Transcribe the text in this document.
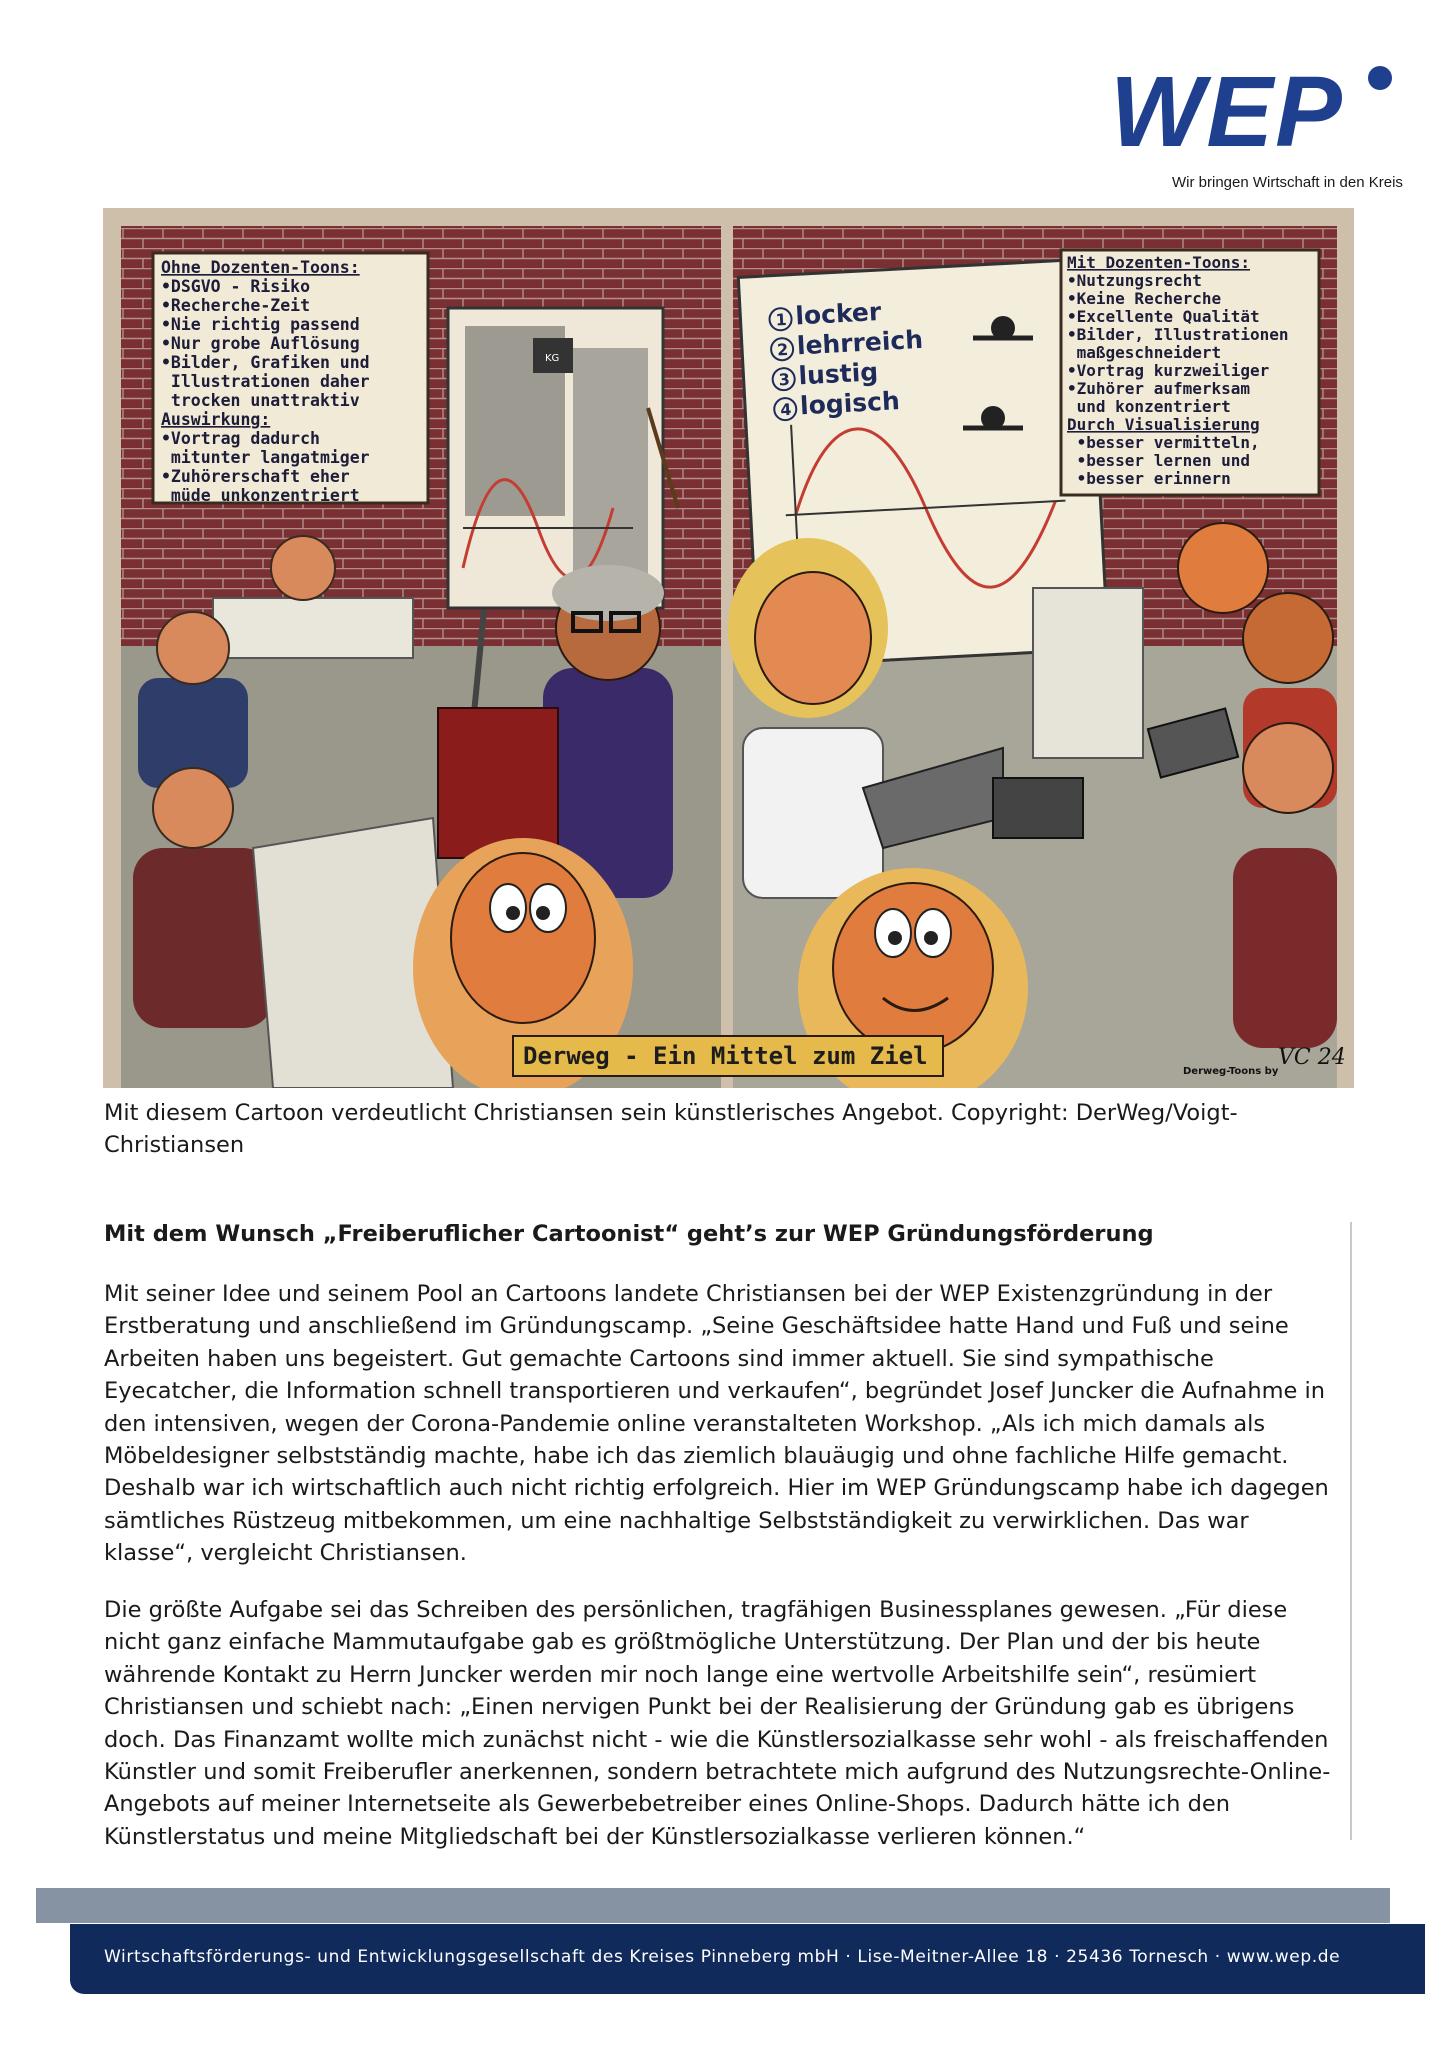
WEP
Wir bringen Wirtschaft in den Kreis
Ohne Dozenten-Toons:
•DSGVO - Risiko
•Recherche-Zeit
•Nie richtig passend
•Nur grobe Auflösung
•Bilder, Grafiken und
Illustrationen daher
trocken unattraktiv
Auswirkung:
•Vortrag dadurch
mitunter langatmiger
•Zuhörerschaft eher
müde unkonzentriert
KG
locker
lehrreich
lustig
logisch
1
2
3
4
Mit Dozenten-Toons:
•Nutzungsrecht
•Keine Recherche
•Excellente Qualität
•Bilder, Illustrationen
maßgeschneidert
•Vortrag kurzweiliger
•Zuhörer aufmerksam
und konzentriert
Durch Visualisierung
•besser vermitteln,
•besser lernen und
•besser erinnern
Derweg - Ein Mittel zum Ziel
Derweg-Toons by
VC 24
Mit diesem Cartoon verdeutlicht Christiansen sein künstlerisches Angebot. Copyright: DerWeg/Voigt-Christiansen
Mit dem Wunsch „Freiberuflicher Cartoonist“ geht’s zur WEP Gründungsförderung
Mit seiner Idee und seinem Pool an Cartoons landete Christiansen bei der WEP Existenzgründung in der Erstberatung und anschließend im Gründungscamp. „Seine Geschäftsidee hatte Hand und Fuß und seine Arbeiten haben uns begeistert. Gut gemachte Cartoons sind immer aktuell. Sie sind sympathische Eyecatcher, die Information schnell transportieren und verkaufen“, begründet Josef Juncker die Aufnahme in den intensiven, wegen der Corona-Pandemie online veranstalteten Workshop. „Als ich mich damals als Möbeldesigner selbstständig machte, habe ich das ziemlich blauäugig und ohne fachliche Hilfe gemacht. Deshalb war ich wirtschaftlich auch nicht richtig erfolgreich. Hier im WEP Gründungscamp habe ich dagegen sämtliches Rüstzeug mitbekommen, um eine nachhaltige Selbstständigkeit zu verwirklichen. Das war klasse“, vergleicht Christiansen.
Die größte Aufgabe sei das Schreiben des persönlichen, tragfähigen Businessplanes gewesen. „Für diese nicht ganz einfache Mammutaufgabe gab es größtmögliche Unterstützung. Der Plan und der bis heute währende Kontakt zu Herrn Juncker werden mir noch lange eine wertvolle Arbeitshilfe sein“, resümiert Christiansen und schiebt nach: „Einen nervigen Punkt bei der Realisierung der Gründung gab es übrigens doch. Das Finanzamt wollte mich zunächst nicht - wie die Künstlersozialkasse sehr wohl - als freischaffenden Künstler und somit Freiberufler anerkennen, sondern betrachtete mich aufgrund des Nutzungsrechte-Online-Angebots auf meiner Internetseite als Gewerbebetreiber eines Online-Shops. Dadurch hätte ich den Künstlerstatus und meine Mitgliedschaft bei der Künstlersozialkasse verlieren können.“
Wirtschaftsförderungs- und Entwicklungsgesellschaft des Kreises Pinneberg mbH · Lise-Meitner-Allee 18 · 25436 Tornesch · www.wep.de
